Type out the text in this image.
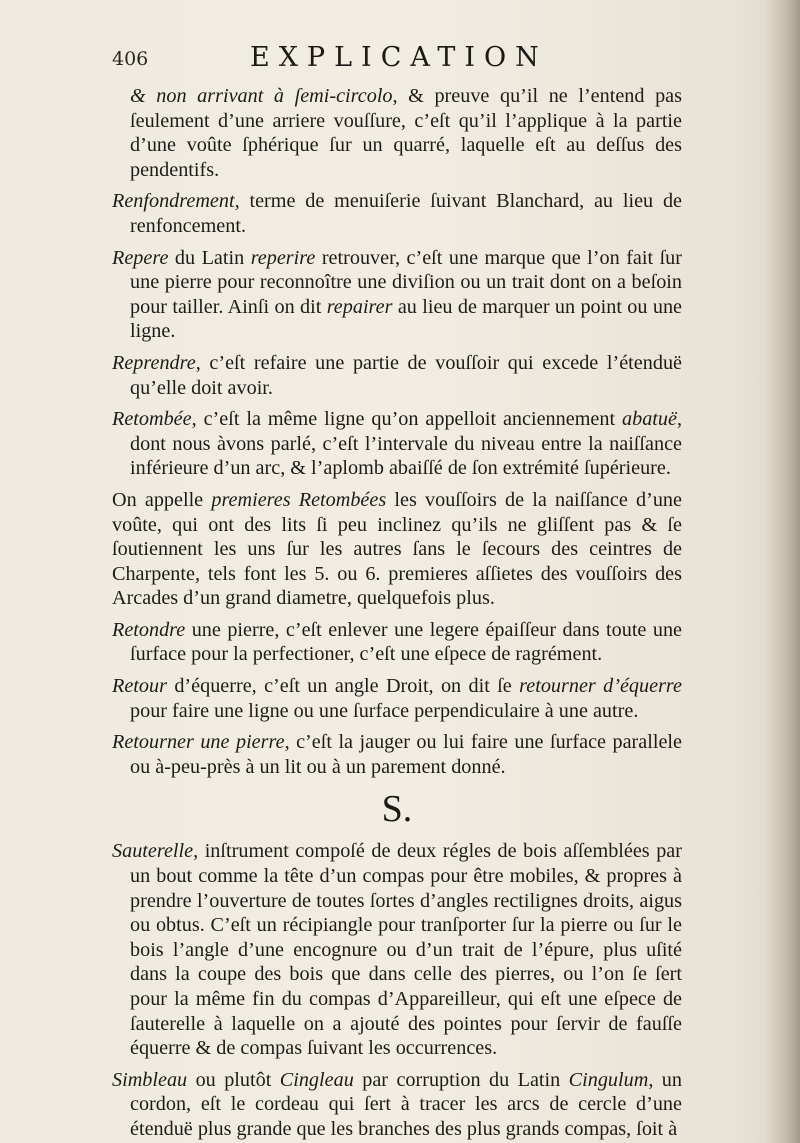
406	EXPLICATION

& non arrivant à ſemi-circolo, & preuve qu’il ne l’entend pas ſeulement d’une arriere vouſſure, c’eſt qu’il l’applique à la partie d’une voûte ſphérique ſur un quarré, laquelle eſt au deſſus des pendentifs.

Renfondrement, terme de menuiſerie ſuivant Blanchard, au lieu de renfoncement.

Repere du Latin reperire retrouver, c’eſt une marque que l’on fait ſur une pierre pour reconnoître une diviſion ou un trait dont on a beſoin pour tailler. Ainſi on dit repairer au lieu de marquer un point ou une ligne.

Reprendre, c’eſt refaire une partie de vouſſoir qui excede l’étenduë qu’elle doit avoir.

Retombée, c’eſt la même ligne qu’on appelloit anciennement abatuë, dont nous àvons parlé, c’eſt l’intervale du niveau entre la naiſſance inférieure d’un arc, & l’aplomb abaiſſé de ſon extrémité ſupérieure.

On appelle premieres Retombées les vouſſoirs de la naiſſance d’une voûte, qui ont des lits ſi peu inclinez qu’ils ne gliſſent pas & ſe ſoutiennent les uns ſur les autres ſans le ſecours des ceintres de Charpente, tels font les 5. ou 6. premieres aſſietes des vouſſoirs des Arcades d’un grand diametre, quelquefois plus.

Retondre une pierre, c’eſt enlever une legere épaiſſeur dans toute une ſurface pour la perfectioner, c’eſt une eſpece de ragrément.

Retour d’équerre, c’eſt un angle Droit, on dit ſe retourner d’équerre pour faire une ligne ou une ſurface perpendiculaire à une autre.

Retourner une pierre, c’eſt la jauger ou lui faire une ſurface parallele ou à-peu-près à un lit ou à un parement donné.

S.

Sauterelle, inſtrument compoſé de deux régles de bois aſſemblées par un bout comme la tête d’un compas pour être mobiles, & propres à prendre l’ouverture de toutes ſortes d’angles rectilignes droits, aigus ou obtus. C’eſt un récipiangle pour tranſporter ſur la pierre ou ſur le bois l’angle d’une encognure ou d’un trait de l’épure, plus uſité dans la coupe des bois que dans celle des pierres, ou l’on ſe ſert pour la même fin du compas d’Appareilleur, qui eſt une eſpece de ſauterelle à laquelle on a ajouté des pointes pour ſervir de fauſſe équerre & de compas ſuivant les occurrences.

Simbleau ou plutôt Cingleau par corruption du Latin Cingulum, un cordon, eſt le cordeau qui ſert à tracer les arcs de cercle d’une étenduë plus grande que les branches des plus grands compas, ſoit à
